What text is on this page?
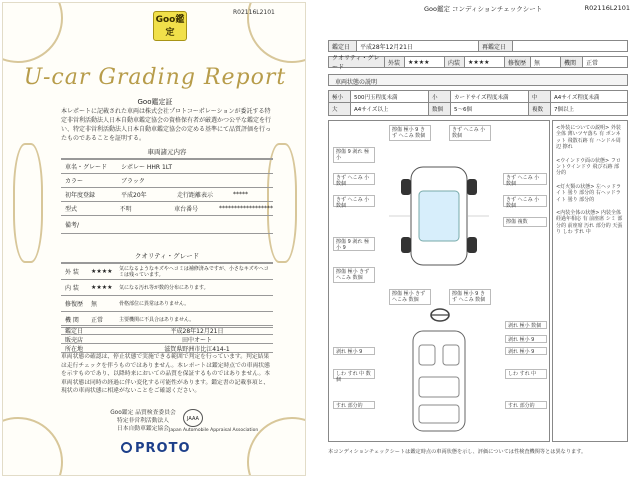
Goo鑑定
R02116L2101
U-car Grading Report
Goo鑑定証
本レポートに記載された車両は株式会社プロトコーポレーションが委託する特定非営利活動法人日本自動車鑑定協会の資格保有者が厳選かつ公平な鑑定を行い、特定非営利活動法人日本自動車鑑定協会の定める基準にて品質評価を行ったものであることを証明する。
車両諸元内容
車名・グレード	シボレー HHR 1LT
カラー	ブラック
初年度登録	平成20年	走行距離表示	*****
型式	不明	車台番号	******************
備考/
クオリティ・グレード
外 装	★★★★	気になるようなキズやヘコミは補修済みですが、小さなキズやヘコミは残っています。
内 装	★★★★	気になる汚れ等が数的分布にあります。
修復歴	無	骨格部位に異常はありません。
機 関	正常	主要機関に不具合はありません。
鑑定日	平成28年12月21日
販売店	田中オート
所在地	滋賀県野洲市比江414-1
車両状態の確認は、停止状態で実施できる範囲で判定を行っています。判定結果は走行チェックを伴うものではありません。本レポートは鑑定時点での車両状態を示すものであり、以降時来においての品質を保証するものではありません。本車両状態は同時の経過に伴い変化する可能性があります。鑑定書の記載事項と、現状の車両状態に相違がないことをご確認ください。
Goo鑑定 品質検査委員会
特定非営利活動法人
日本自動車鑑定協会
JAAA
Japan Automobile Appraisal Association
PROTO
Goo鑑定 コンディションチェックシート	R02116L2101
鑑定日	平成28年12月21日	再鑑定日
クオリティ・グレード
外装	★★★★	内装	★★★★	修復歴	無	機関	正常
車両状態の説明
極小	500円玉程度未満	小	カードサイズ程度未満	中	A4サイズ程度未満
大	A4サイズ以上	数個	5〜6個	複数	7個以上
擦傷 極小 9 きず へこみ 数個
きず へこみ 小 数個
擦傷 9 剥れ 極小
きず へこみ 小 数個
きず へこみ 小 数個
きず へこみ 小 数個
きず へこみ 小 数個
擦傷 複数
擦傷 9 剥れ 極小 9
擦傷 極小 きず へこみ 数個
擦傷 極小 きず へこみ 数個
擦傷 極小 9 きず へこみ 数個
剥れ 極小 数個
剥れ 極小 9
剥れ 極小 9	剥れ 極小 9
しわ すれ 中 数個
しわ すれ 中
すれ 部分的	すれ 部分的

<外装についての説明> 外装全体 薄いツヤ落ち 有 ボンネット 飛散石跡 有 ハンドル周辺 擦れ

<ウインドウ面の状態> フロントウインドウ 飛び石跡 部分的

<灯火類の状態> 左ヘッドライト 曇り 部分的 右ヘッドライト 曇り 部分的

<内装全体の状態> 内装全体 経過年相応 有 前座席 シミ 部分的 前座席 汚れ 部分的 天張り しわ すれ 中

本コンディションチェックシートは鑑定時点の車両状態を示し、評価については性検査機関等とは異なります。
